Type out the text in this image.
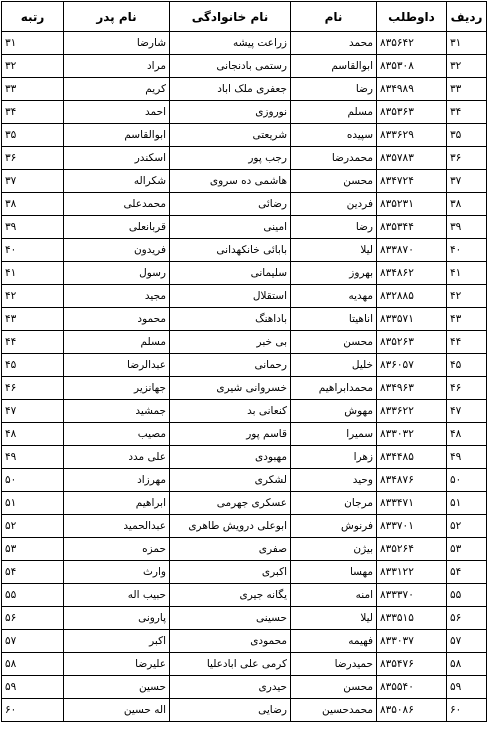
ردیف	داوطلب	نام	نام خانوادگی	نام پدر	رتبه
۳۱	۸۳۵۶۴۲	محمد	زراعت پیشه	شارضا	۳۱
۳۲	۸۳۵۳۰۸	ابوالقاسم	رستمی بادنجانی	مراد	۳۲
۳۳	۸۳۴۹۸۹	رضا	جعفری ملک اباد	کریم	۳۳
۳۴	۸۳۵۳۶۳	مسلم	نوروزی	احمد	۳۴
۳۵	۸۳۳۶۲۹	سپیده	شریعتی	ابوالقاسم	۳۵
۳۶	۸۳۵۷۸۳	محمدرضا	رجب پور	اسکندر	۳۶
۳۷	۸۳۴۷۲۴	محسن	هاشمی ده سروی	شکراله	۳۷
۳۸	۸۳۵۲۳۱	فردین	رضائی	محمدعلی	۳۸
۳۹	۸۳۵۳۴۴	رضا	امینی	قربانعلی	۳۹
۴۰	۸۳۳۸۷۰	لیلا	بابائی خانکهدانی	فریدون	۴۰
۴۱	۸۳۴۸۶۲	بهروز	سلیمانی	رسول	۴۱
۴۲	۸۳۲۸۸۵	مهدیه	استقلال	مجید	۴۲
۴۳	۸۳۳۵۷۱	اناهیتا	باداهنگ	محمود	۴۳
۴۴	۸۳۵۲۶۳	محسن	بی خبر	مسلم	۴۴
۴۵	۸۳۶۰۵۷	خلیل	رحمانی	عبدالرضا	۴۵
۴۶	۸۳۴۹۶۳	محمدابراهیم	خسروانی شیری	جهانزیر	۴۶
۴۷	۸۳۳۶۲۲	مهوش	کنعانی بد	جمشید	۴۷
۴۸	۸۳۳۰۳۲	سمیرا	قاسم پور	مصیب	۴۸
۴۹	۸۳۴۴۸۵	زهرا	مهبودی	علی مدد	۴۹
۵۰	۸۳۴۸۷۶	وحید	لشکری	مهرزاد	۵۰
۵۱	۸۳۳۴۷۱	مرجان	عسکری جهرمی	ابراهیم	۵۱
۵۲	۸۳۳۷۰۱	فرنوش	ابوعلی درویش طاهری	عبدالحمید	۵۲
۵۳	۸۳۵۲۶۴	بیژن	صفری	حمزه	۵۳
۵۴	۸۳۳۱۲۲	مهسا	اکبری	وارث	۵۴
۵۵	۸۳۳۳۷۰	امنه	یگانه جیری	حبیب اله	۵۵
۵۶	۸۳۳۵۱۵	لیلا	حسینی	پارونی	۵۶
۵۷	۸۳۳۰۳۷	فهیمه	محمودی	اکبر	۵۷
۵۸	۸۳۵۴۷۶	حمیدرضا	کرمی علی ابادعلیا	علیرضا	۵۸
۵۹	۸۳۵۵۴۰	محسن	حیدری	حسین	۵۹
۶۰	۸۳۵۰۸۶	محمدحسین	رضایی	اله حسین	۶۰
